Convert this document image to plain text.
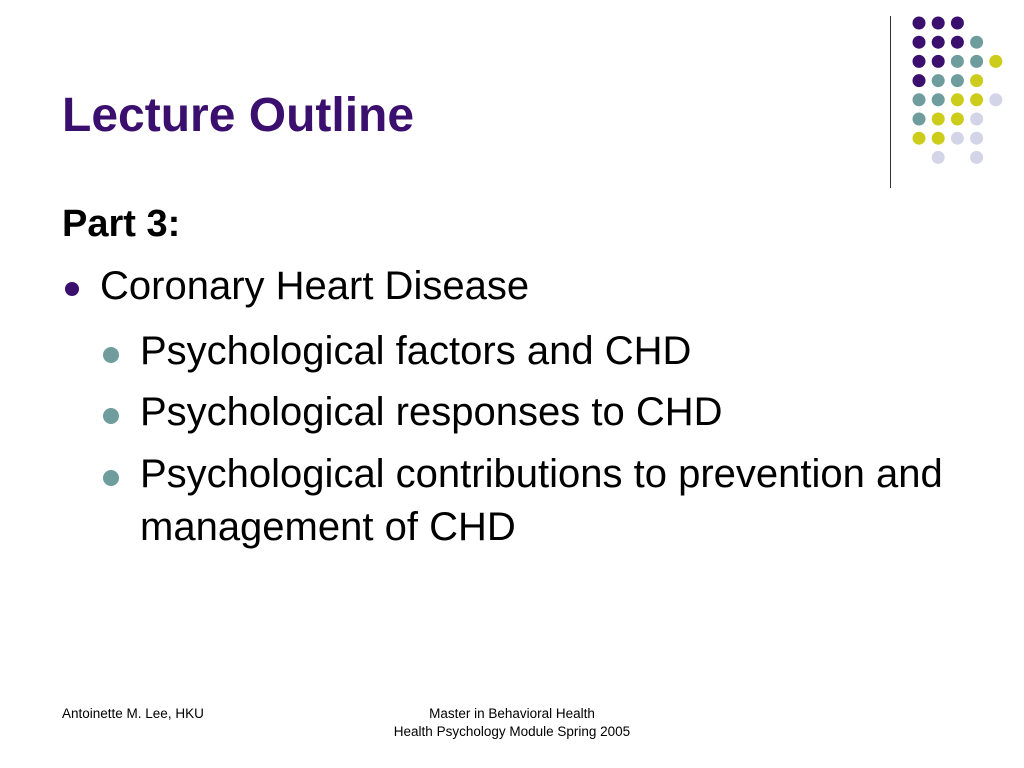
Lecture Outline

Part 3:

Coronary Heart Disease
Psychological factors and CHD
Psychological responses to CHD
Psychological contributions to prevention and management of CHD
Antoinette M. Lee, HKU	Master in Behavioral Health
Health Psychology Module Spring 2005
